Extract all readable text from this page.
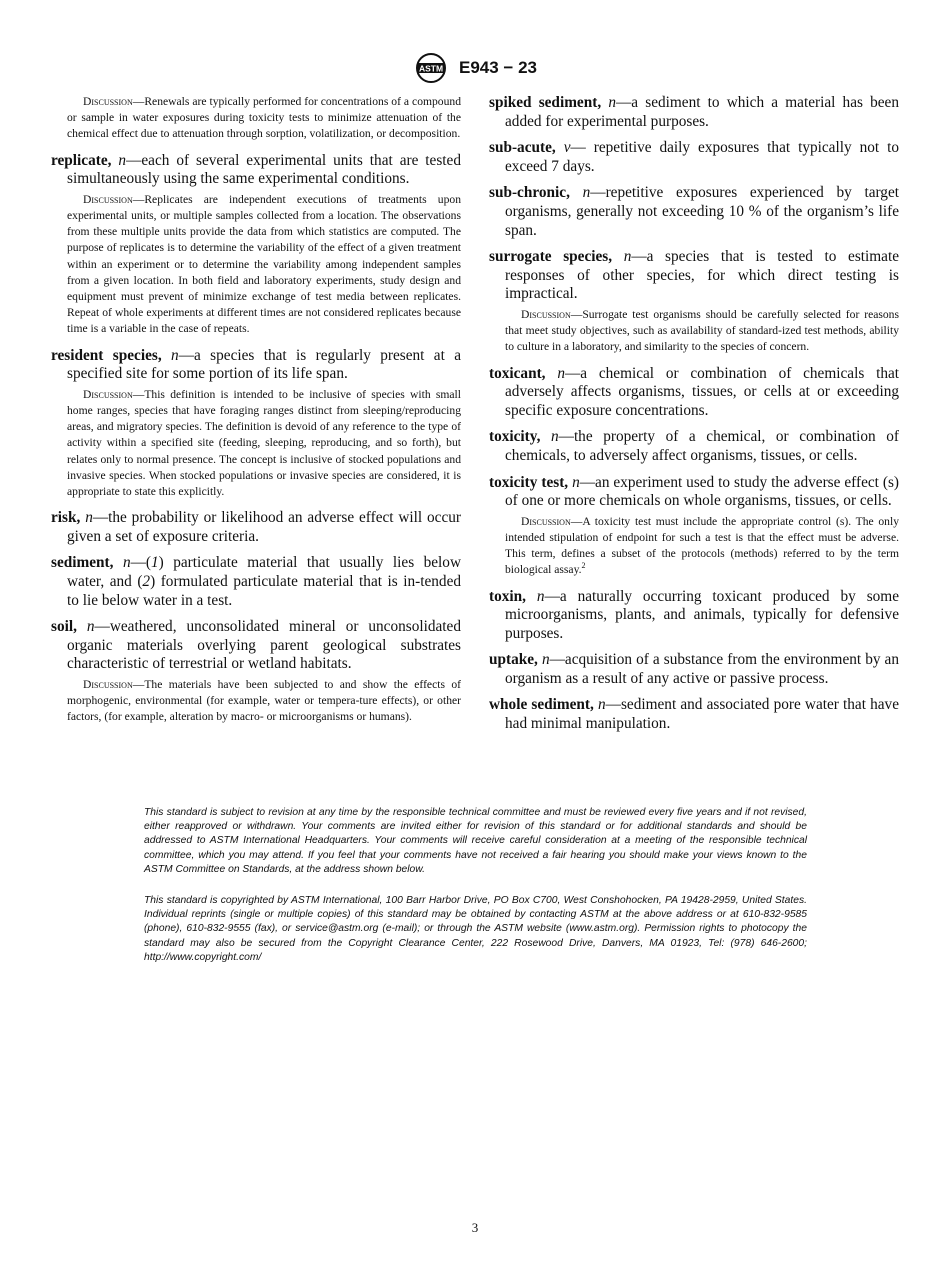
ASTM E943 − 23

Discussion—Renewals are typically performed for concentrations of a compound or sample in water exposures during toxicity tests to minimize attenuation of the chemical effect due to attenuation through sorption, volatilization, or decomposition.

replicate, n—each of several experimental units that are tested simultaneously using the same experimental conditions.

Discussion—Replicates are independent executions of treatments upon experimental units, or multiple samples collected from a location. The observations from these multiple units provide the data from which statistics are computed. The purpose of replicates is to determine the variability of the effect of a given treatment within an experiment or to determine the variability among independent samples from a given location. In both field and laboratory experiments, study design and equipment must prevent of minimize exchange of test media between replicates. Repeat of whole experiments at different times are not considered replicates because time is a variable in the case of repeats.

resident species, n—a species that is regularly present at a specified site for some portion of its life span.

Discussion—This definition is intended to be inclusive of species with small home ranges, species that have foraging ranges distinct from sleeping/reproducing areas, and migratory species. The definition is devoid of any reference to the type of activity within a specified site (feeding, sleeping, reproducing, and so forth), but relates only to normal presence. The concept is inclusive of stocked populations and invasive species. When stocked populations or invasive species are considered, it is appropriate to state this explicitly.

risk, n—the probability or likelihood an adverse effect will occur given a set of exposure criteria.

sediment, n—(1) particulate material that usually lies below water, and (2) formulated particulate material that is in-tended to lie below water in a test.

soil, n—weathered, unconsolidated mineral or unconsolidated organic materials overlying parent geological substrates characteristic of terrestrial or wetland habitats.

Discussion—The materials have been subjected to and show the effects of morphogenic, environmental (for example, water or tempera-ture effects), or other factors, (for example, alteration by macro- or microorganisms or humans).

spiked sediment, n—a sediment to which a material has been added for experimental purposes.

sub-acute, v— repetitive daily exposures that typically not to exceed 7 days.

sub-chronic, n—repetitive exposures experienced by target organisms, generally not exceeding 10 % of the organism’s life span.

surrogate species, n—a species that is tested to estimate responses of other species, for which direct testing is impractical.

Discussion—Surrogate test organisms should be carefully selected for reasons that meet study objectives, such as availability of standard-ized test methods, ability to culture in a laboratory, and similarity to the species of concern.

toxicant, n—a chemical or combination of chemicals that adversely affects organisms, tissues, or cells at or exceeding specific exposure concentrations.

toxicity, n—the property of a chemical, or combination of chemicals, to adversely affect organisms, tissues, or cells.

toxicity test, n—an experiment used to study the adverse effect (s) of one or more chemicals on whole organisms, tissues, or cells.

Discussion—A toxicity test must include the appropriate control (s). The only intended stipulation of endpoint for such a test is that the effect must be adverse. This term, defines a subset of the protocols (methods) referred to by the term biological assay.$^2$

toxin, n—a naturally occurring toxicant produced by some microorganisms, plants, and animals, typically for defensive purposes.

uptake, n—acquisition of a substance from the environment by an organism as a result of any active or passive process.

whole sediment, n—sediment and associated pore water that have had minimal manipulation.

This standard is subject to revision at any time by the responsible technical committee and must be reviewed every five years and if not revised, either reapproved or withdrawn. Your comments are invited either for revision of this standard or for additional standards and should be addressed to ASTM International Headquarters. Your comments will receive careful consideration at a meeting of the responsible technical committee, which you may attend. If you feel that your comments have not received a fair hearing you should make your views known to the ASTM Committee on Standards, at the address shown below.

This standard is copyrighted by ASTM International, 100 Barr Harbor Drive, PO Box C700, West Conshohocken, PA 19428-2959, United States. Individual reprints (single or multiple copies) of this standard may be obtained by contacting ASTM at the above address or at 610-832-9585 (phone), 610-832-9555 (fax), or service@astm.org (e-mail); or through the ASTM website (www.astm.org). Permission rights to photocopy the standard may also be secured from the Copyright Clearance Center, 222 Rosewood Drive, Danvers, MA 01923, Tel: (978) 646-2600; http://www.copyright.com/

3
